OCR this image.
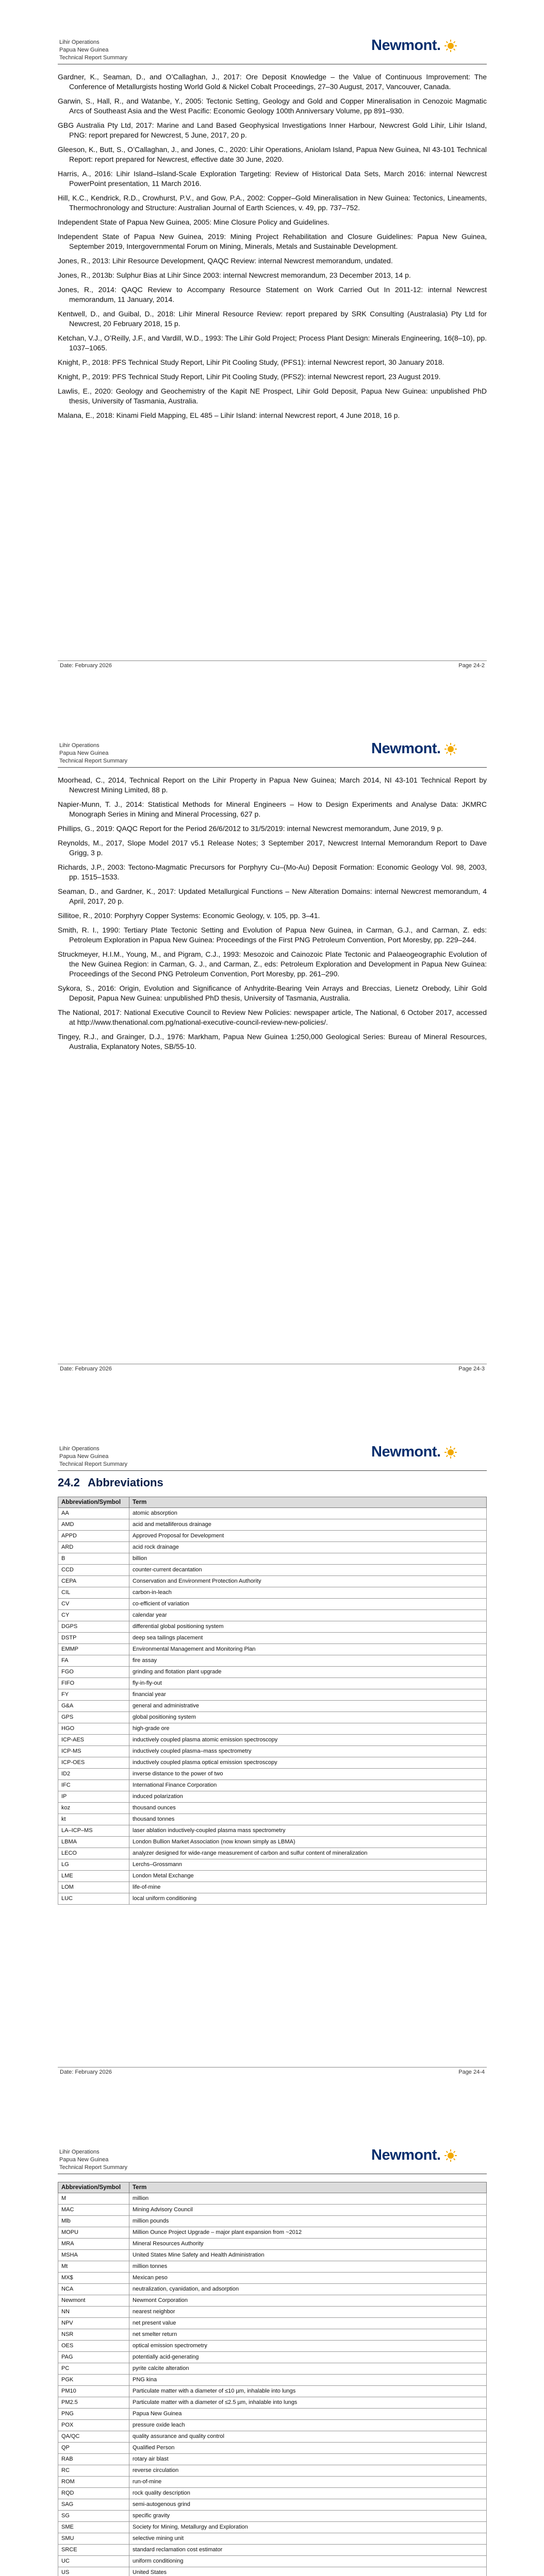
Lihir Operations
Papua New Guinea
Technical Report Summary
Newmont.

Gardner, K., Seaman, D., and O’Callaghan, J., 2017: Ore Deposit Knowledge – the Value of Continuous Improvement: The Conference of Metallurgists hosting World Gold & Nickel Cobalt Proceedings, 27–30 August, 2017, Vancouver, Canada.

Garwin, S., Hall, R., and Watanbe, Y., 2005: Tectonic Setting, Geology and Gold and Copper Mineralisation in Cenozoic Magmatic Arcs of Southeast Asia and the West Pacific: Economic Geology 100th Anniversary Volume, pp 891–930.

GBG Australia Pty Ltd, 2017: Marine and Land Based Geophysical Investigations Inner Harbour, Newcrest Gold Lihir, Lihir Island, PNG: report prepared for Newcrest, 5 June, 2017, 20 p.

Gleeson, K., Butt, S., O’Callaghan, J., and Jones, C., 2020: Lihir Operations, Aniolam Island, Papua New Guinea, NI 43-101 Technical Report: report prepared for Newcrest, effective date 30 June, 2020.

Harris, A., 2016: Lihir Island–Island-Scale Exploration Targeting: Review of Historical Data Sets, March 2016: internal Newcrest PowerPoint presentation, 11 March 2016.

Hill, K.C., Kendrick, R.D., Crowhurst, P.V., and Gow, P.A., 2002: Copper–Gold Mineralisation in New Guinea: Tectonics, Lineaments, Thermochronology and Structure: Australian Journal of Earth Sciences, v. 49, pp. 737–752.

Independent State of Papua New Guinea, 2005: Mine Closure Policy and Guidelines.

Independent State of Papua New Guinea, 2019: Mining Project Rehabilitation and Closure Guidelines: Papua New Guinea, September 2019, Intergovernmental Forum on Mining, Minerals, Metals and Sustainable Development.

Jones, R., 2013: Lihir Resource Development, QAQC Review: internal Newcrest memorandum, undated.

Jones, R., 2013b: Sulphur Bias at Lihir Since 2003: internal Newcrest memorandum, 23 December 2013, 14 p.

Jones, R., 2014: QAQC Review to Accompany Resource Statement on Work Carried Out In 2011-12: internal Newcrest memorandum, 11 January, 2014.

Kentwell, D., and Guibal, D., 2018: Lihir Mineral Resource Review: report prepared by SRK Consulting (Australasia) Pty Ltd for Newcrest, 20 February 2018, 15 p.

Ketchan, V.J., O’Reilly, J.F., and Vardill, W.D., 1993: The Lihir Gold Project; Process Plant Design: Minerals Engineering, 16(8–10), pp. 1037–1065.

Knight, P., 2018: PFS Technical Study Report, Lihir Pit Cooling Study, (PFS1): internal Newcrest report, 30 January 2018.

Knight, P., 2019: PFS Technical Study Report, Lihir Pit Cooling Study, (PFS2): internal Newcrest report, 23 August 2019.

Lawlis, E., 2020: Geology and Geochemistry of the Kapit NE Prospect, Lihir Gold Deposit, Papua New Guinea: unpublished PhD thesis, University of Tasmania, Australia.

Malana, E., 2018: Kinami Field Mapping, EL 485 – Lihir Island: internal Newcrest report, 4 June 2018, 16 p.

Date: February 2026	Page 24-2
Lihir Operations
Papua New Guinea
Technical Report Summary
Newmont.

Moorhead, C., 2014, Technical Report on the Lihir Property in Papua New Guinea; March 2014, NI 43-101 Technical Report by Newcrest Mining Limited, 88 p.

Napier-Munn, T. J., 2014: Statistical Methods for Mineral Engineers – How to Design Experiments and Analyse Data: JKMRC Monograph Series in Mining and Mineral Processing, 627 p.

Phillips, G., 2019: QAQC Report for the Period 26/6/2012 to 31/5/2019: internal Newcrest memorandum, June 2019, 9 p.

Reynolds, M., 2017, Slope Model 2017 v5.1 Release Notes; 3 September 2017, Newcrest Internal Memorandum Report to Dave Grigg, 3 p.

Richards, J.P., 2003: Tectono-Magmatic Precursors for Porphyry Cu–(Mo-Au) Deposit Formation: Economic Geology Vol. 98, 2003, pp. 1515–1533.

Seaman, D., and Gardner, K., 2017: Updated Metallurgical Functions – New Alteration Domains: internal Newcrest memorandum, 4 April, 2017, 20 p.

Sillitoe, R., 2010: Porphyry Copper Systems: Economic Geology, v. 105, pp. 3–41.

Smith, R. I., 1990: Tertiary Plate Tectonic Setting and Evolution of Papua New Guinea, in Carman, G.J., and Carman, Z. eds: Petroleum Exploration in Papua New Guinea: Proceedings of the First PNG Petroleum Convention, Port Moresby, pp. 229–244.

Struckmeyer, H.I.M., Young, M., and Pigram, C.J., 1993: Mesozoic and Cainozoic Plate Tectonic and Palaeogeographic Evolution of the New Guinea Region: in Carman, G. J., and Carman, Z., eds: Petroleum Exploration and Development in Papua New Guinea: Proceedings of the Second PNG Petroleum Convention, Port Moresby, pp. 261–290.

Sykora, S., 2016: Origin, Evolution and Significance of Anhydrite-Bearing Vein Arrays and Breccias, Lienetz Orebody, Lihir Gold Deposit, Papua New Guinea: unpublished PhD thesis, University of Tasmania, Australia.

The National, 2017: National Executive Council to Review New Policies: newspaper article, The National, 6 October 2017, accessed at http://www.thenational.com.pg/national-executive-council-review-new-policies/.

Tingey, R.J., and Grainger, D.J., 1976: Markham, Papua New Guinea 1:250,000 Geological Series: Bureau of Mineral Resources, Australia, Explanatory Notes, SB/55-10.

Date: February 2026	Page 24-3
Lihir Operations
Papua New Guinea
Technical Report Summary
Newmont.
24.2 Abbreviations
Abbreviation/Symbol	Term
AA	atomic absorption
AMD	acid and metalliferous drainage
APPD	Approved Proposal for Development
ARD	acid rock drainage
B	billion
CCD	counter-current decantation
CEPA	Conservation and Environment Protection Authority
CIL	carbon-in-leach
CV	co-efficient of variation
CY	calendar year
DGPS	differential global positioning system
DSTP	deep sea tailings placement
EMMP	Environmental Management and Monitoring Plan
FA	fire assay
FGO	grinding and flotation plant upgrade
FIFO	fly-in-fly-out
FY	financial year
G&A	general and administrative
GPS	global positioning system
HGO	high-grade ore
ICP-AES	inductively coupled plasma atomic emission spectroscopy
ICP-MS	inductively coupled plasma–mass spectrometry
ICP-OES	inductively coupled plasma optical emission spectroscopy
ID2	inverse distance to the power of two
IFC	International Finance Corporation
IP	induced polarization
koz	thousand ounces
kt	thousand tonnes
LA–ICP–MS	laser ablation inductively-coupled plasma mass spectrometry
LBMA	London Bullion Market Association (now known simply as LBMA)
LECO	analyzer designed for wide-range measurement of carbon and sulfur content of mineralization
LG	Lerchs–Grossmann
LME	London Metal Exchange
LOM	life-of-mine
LUC	local uniform conditioning
Date: February 2026	Page 24-4
Lihir Operations
Papua New Guinea
Technical Report Summary
Newmont.
Abbreviation/Symbol	Term
M	million
MAC	Mining Advisory Council
Mlb	million pounds
MOPU	Million Ounce Project Upgrade – major plant expansion from ~2012
MRA	Mineral Resources Authority
MSHA	United States Mine Safety and Health Administration
Mt	million tonnes
MX$	Mexican peso
NCA	neutralization, cyanidation, and adsorption
Newmont	Newmont Corporation
NN	nearest neighbor
NPV	net present value
NSR	net smelter return
OES	optical emission spectrometry
PAG	potentially acid-generating
PC	pyrite calcite alteration
PGK	PNG kina
PM10	Particulate matter with a diameter of ≤10 µm, inhalable into lungs
PM2.5	Particulate matter with a diameter of ≤2.5 µm, inhalable into lungs
PNG	Papua New Guinea
POX	pressure oxide leach
QA/QC	quality assurance and quality control
QP	Qualified Person
RAB	rotary air blast
RC	reverse circulation
ROM	run-of-mine
RQD	rock quality description
SAG	semi-autogenous grind
SG	specific gravity
SME	Society for Mining, Metallurgy and Exploration
SMU	selective mining unit
SRCE	standard reclamation cost estimator
UC	uniform conditioning
US	United States
